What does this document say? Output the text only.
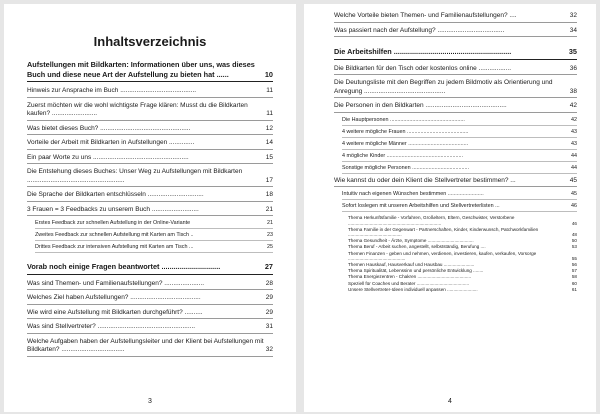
Inhaltsverzeichnis
Aufstellungen mit Bildkarten: Informationen über uns, was dieses Buch und diese neue Art der Aufstellung zu bieten hat ......	10
Hinweis zur Ansprache im Buch ..........................................	11
Zuerst möchten wir die wohl wichtigste Frage klären: Musst du die Bildkarten kaufen? .........................	11
Was bietet dieses Buch? ..................................................	12
Vorteile der Arbeit mit Bildkarten in Aufstellungen ..............	14
Ein paar Worte zu uns .....................................................	15
Die Entstehung dieses Buches: Unser Weg zu Aufstellungen mit Bildkarten ......................................................	17
Die Sprache der Bildkarten entschlüsseln ...............................	18
3 Frauen = 3 Feedbacks zu unserem Buch ..........................	21
Erstes Feedback zur schnellen Aufstellung in der Online-Variante	21
Zweites Feedback zur schnellen Aufstellung mit Karten am Tisch ..	23
Drittes Feedback zur intensiven Aufstellung mit Karten am Tisch ...	25
Vorab noch einige Fragen beantwortet .............................	27
Was sind Themen- und Familienaufstellungen? ......................	28
Welches Ziel haben Aufstellungen? .......................................	29
Wie wird eine Aufstellung mit Bildkarten durchgeführt? ..........	29
Was sind Stellvertreter? ......................................................	31
Welche Aufgaben haben der Aufstellungsleiter und der Klient bei Aufstellungen mit Bildkarten? ...................................	32
3
Welche Vorteile bieten Themen- und Familienaufstellungen? ....	32
Was passiert nach der Aufstellung? .....................................	34
Die Arbeitshilfen ..........................................................	35
Die Bildkarten für den Tisch oder kostenlos online ..................	36
Die Deutungsliste mit den Begriffen zu jedem Bildmotiv als Orientierung und Anregung .............................................	38
Die Personen in den Bildkarten .............................................	42
Die Hauptpersonen ..................................................	42
4 weitere mögliche Frauen .........................................	43
4 weitere mögliche Männer ........................................	43
4 mögliche Kinder ...................................................	44
Sonstige mögliche Personen ......................................	44
Wie kannst du oder dein Klient die Stellvertreter bestimmen? ...	45
Intuitiv nach eigenen Wünschen bestimmen ........................	45
Sofort loslegen mit unseren Arbeitshilfen und Stellvertreterlisten ...	46
Thema Herkunftsfamilie - Vorfahren, Großeltern, Eltern, Geschwister, Verstorbene .........................................................................	46
Thema Familie in der Gegenwart - Partnerschaften, Kinder, Kinderwunsch, Patchworkfamilien ..........................................	48
Thema Gesundheit - Ärzte, Symptome ....................................	50
Thema Beruf - Arbeit suchen, angestellt, selbstständig, Berufung ....	53
Themen Finanzen - geben und nehmen, verdienen, investieren, kaufen, verkaufen, Vorsorge .............................................	55
Themen Hauskauf, Hausverkauf und Hausbau ........................	56
Thema Spiritualität, Lebenssinn und persönliche Entwicklung ........	57
Thema Energiezentren - Chakren ..........................................	58
Speziell für Coaches und Berater .........................................	60
Unsere Stellvertreter-Ideen individuell anpassen ........................	61
4
